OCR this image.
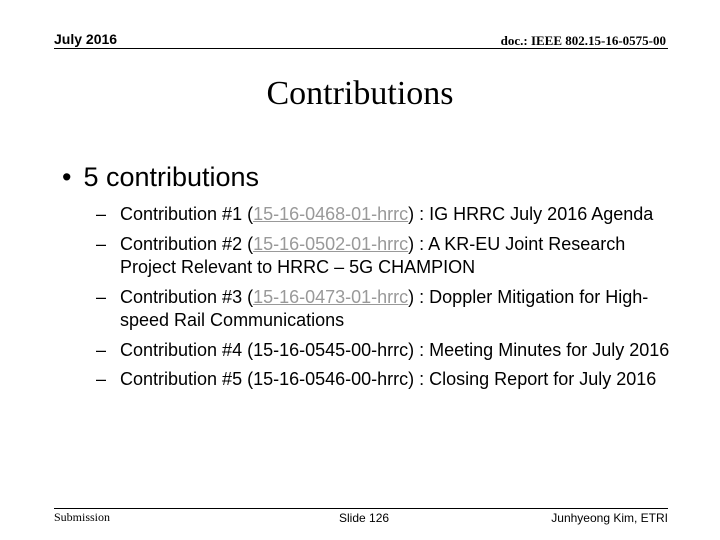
July 2016	doc.: IEEE 802.15-16-0575-00
Contributions
• 5 contributions
– Contribution #1 (15-16-0468-01-hrrc) : IG HRRC July 2016 Agenda
– Contribution #2 (15-16-0502-01-hrrc) : A KR-EU Joint Research Project Relevant to HRRC – 5G CHAMPION
– Contribution #3 (15-16-0473-01-hrrc) : Doppler Mitigation for High-speed Rail Communications
– Contribution #4 (15-16-0545-00-hrrc) : Meeting Minutes for July 2016
– Contribution #5 (15-16-0546-00-hrrc) : Closing Report for July 2016
Submission	Slide 126	Junhyeong Kim, ETRI
